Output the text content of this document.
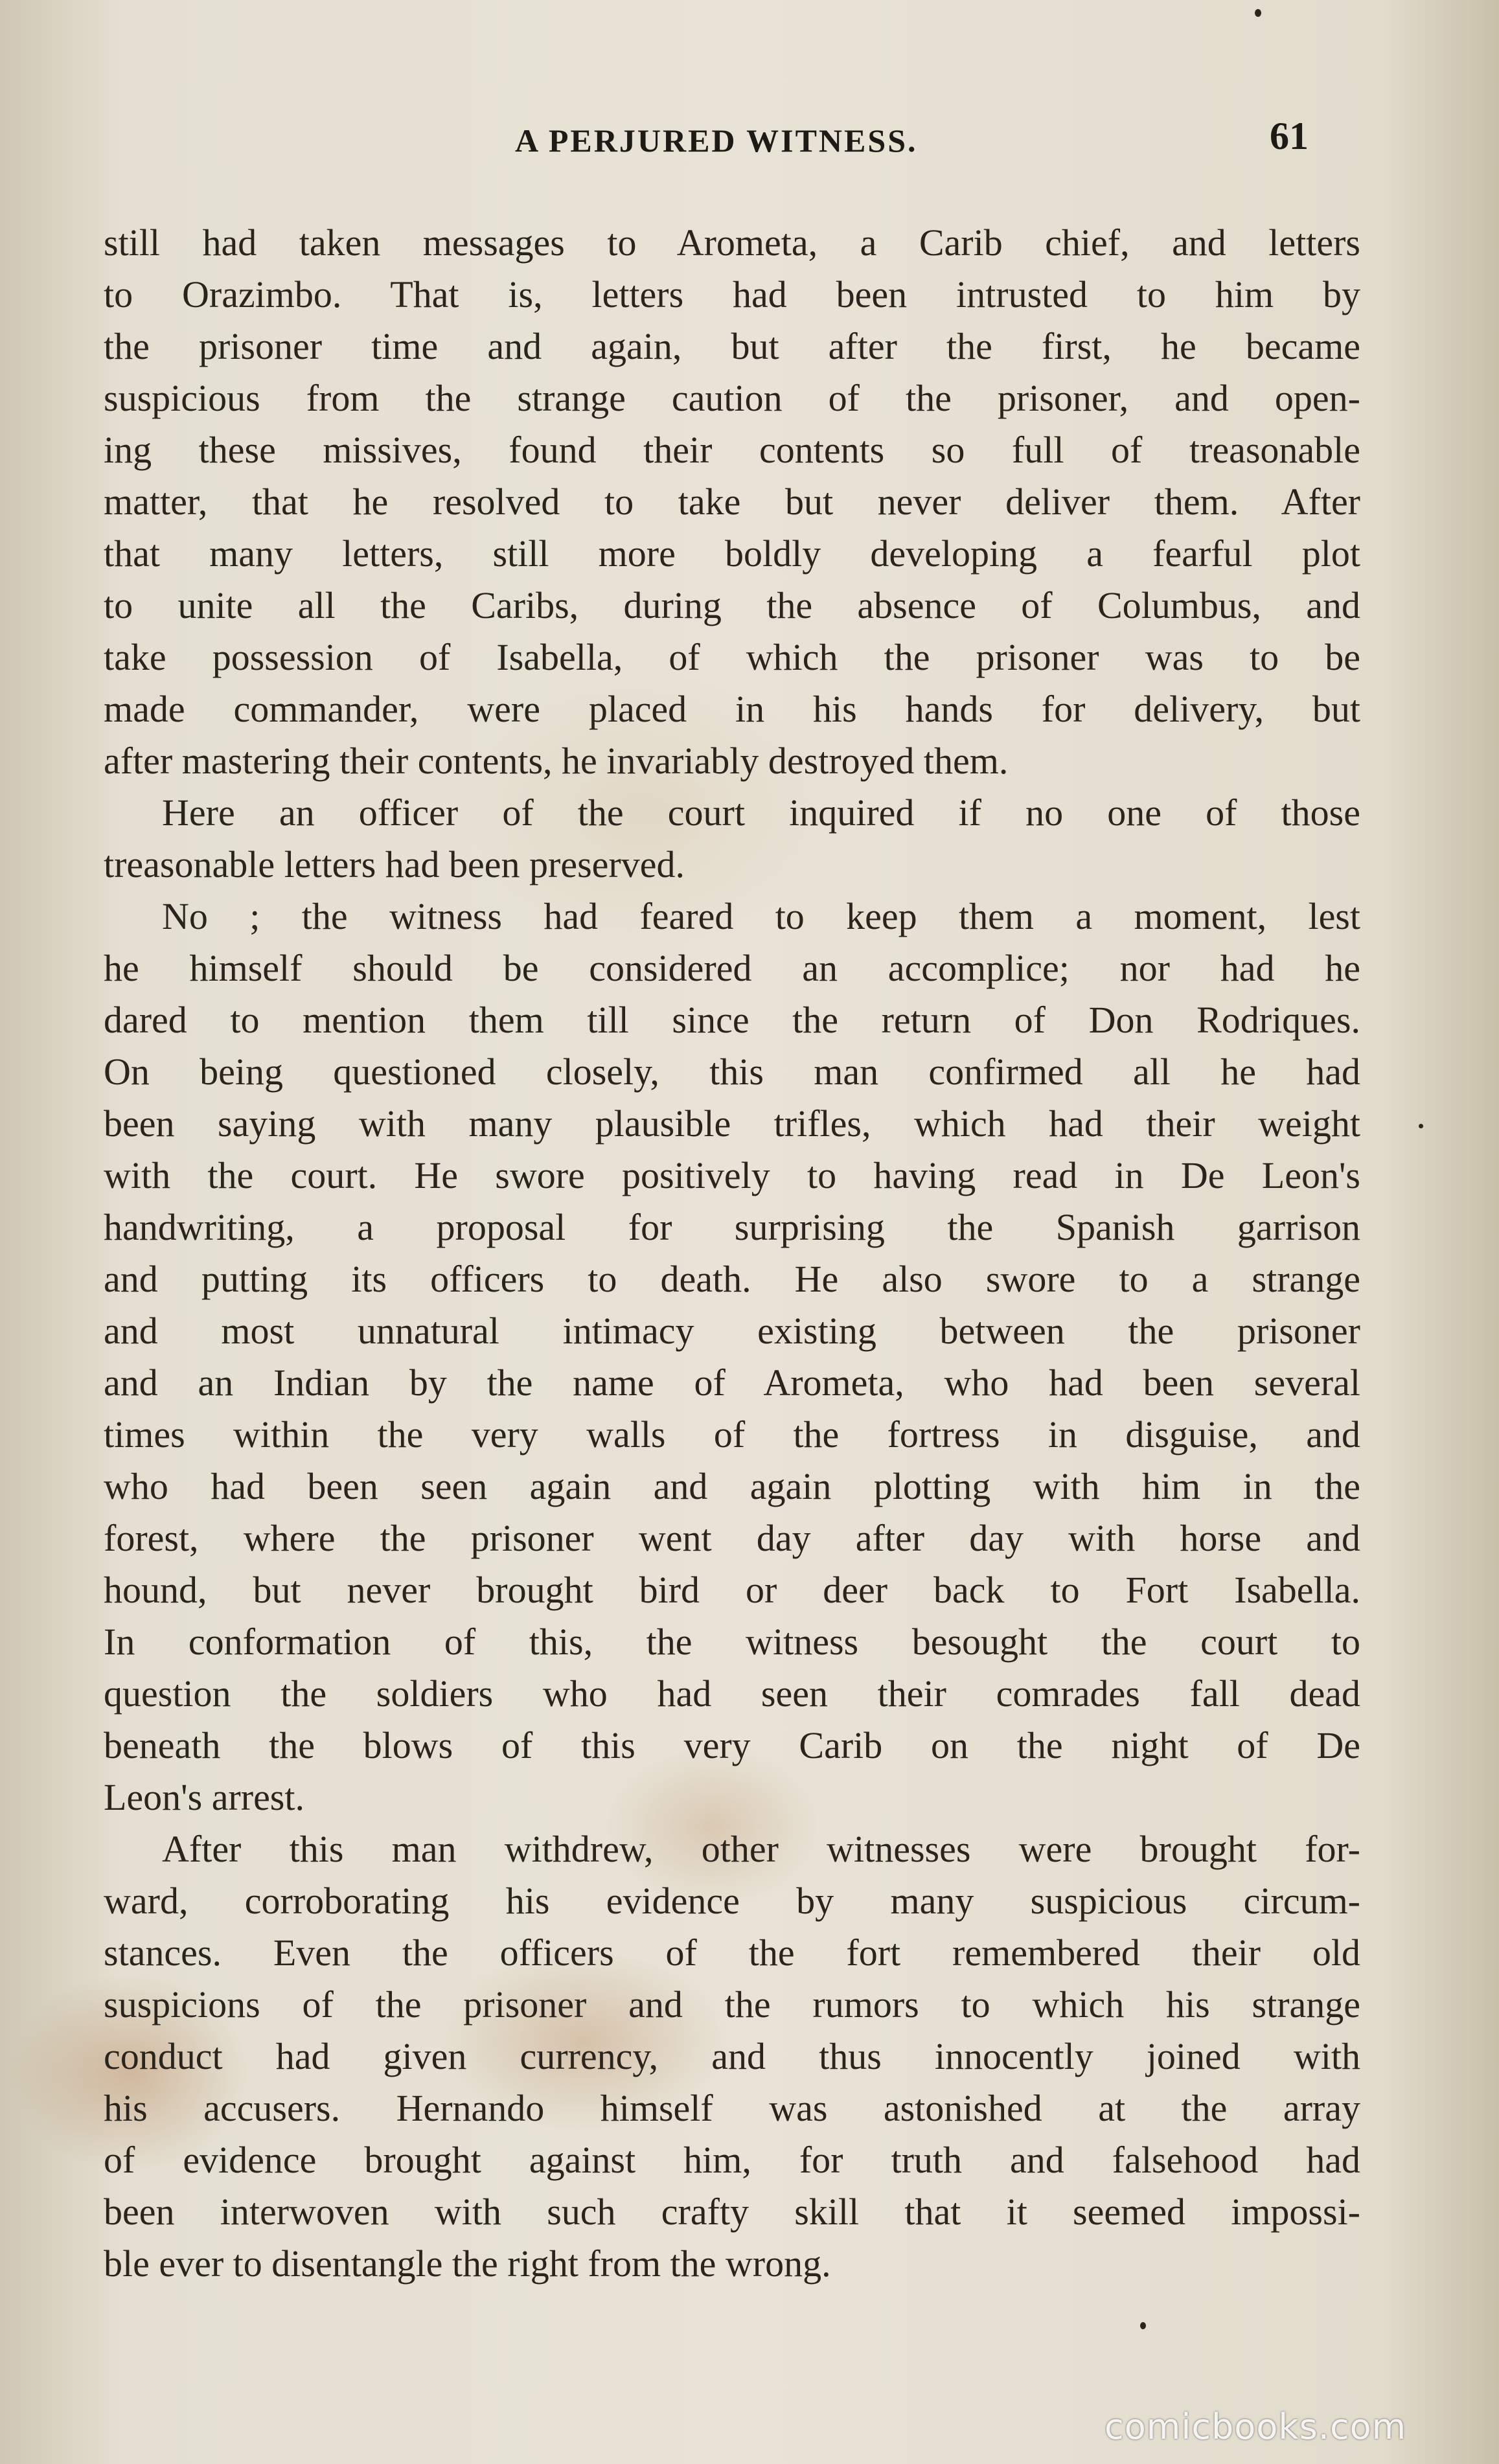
A PERJURED WITNESS.	61
still had taken messages to Arometa, a Carib chief, and letters
to Orazimbo. That is, letters had been intrusted to him by
the prisoner time and again, but after the first, he became
suspicious from the strange caution of the prisoner, and open-
ing these missives, found their contents so full of treasonable
matter, that he resolved to take but never deliver them. After
that many letters, still more boldly developing a fearful plot
to unite all the Caribs, during the absence of Columbus, and
take possession of Isabella, of which the prisoner was to be
made commander, were placed in his hands for delivery, but
after mastering their contents, he invariably destroyed them.
Here an officer of the court inquired if no one of those
treasonable letters had been preserved.
No ; the witness had feared to keep them a moment, lest
he himself should be considered an accomplice; nor had he
dared to mention them till since the return of Don Rodriques.
On being questioned closely, this man confirmed all he had
been saying with many plausible trifles, which had their weight
with the court. He swore positively to having read in De Leon's
handwriting, a proposal for surprising the Spanish garrison
and putting its officers to death. He also swore to a strange
and most unnatural intimacy existing between the prisoner
and an Indian by the name of Arometa, who had been several
times within the very walls of the fortress in disguise, and
who had been seen again and again plotting with him in the
forest, where the prisoner went day after day with horse and
hound, but never brought bird or deer back to Fort Isabella.
In conformation of this, the witness besought the court to
question the soldiers who had seen their comrades fall dead
beneath the blows of this very Carib on the night of De
Leon's arrest.
After this man withdrew, other witnesses were brought for-
ward, corroborating his evidence by many suspicious circum-
stances. Even the officers of the fort remembered their old
suspicions of the prisoner and the rumors to which his strange
conduct had given currency, and thus innocently joined with
his accusers. Hernando himself was astonished at the array
of evidence brought against him, for truth and falsehood had
been interwoven with such crafty skill that it seemed impossi-
ble ever to disentangle the right from the wrong.
comicbooks.com
